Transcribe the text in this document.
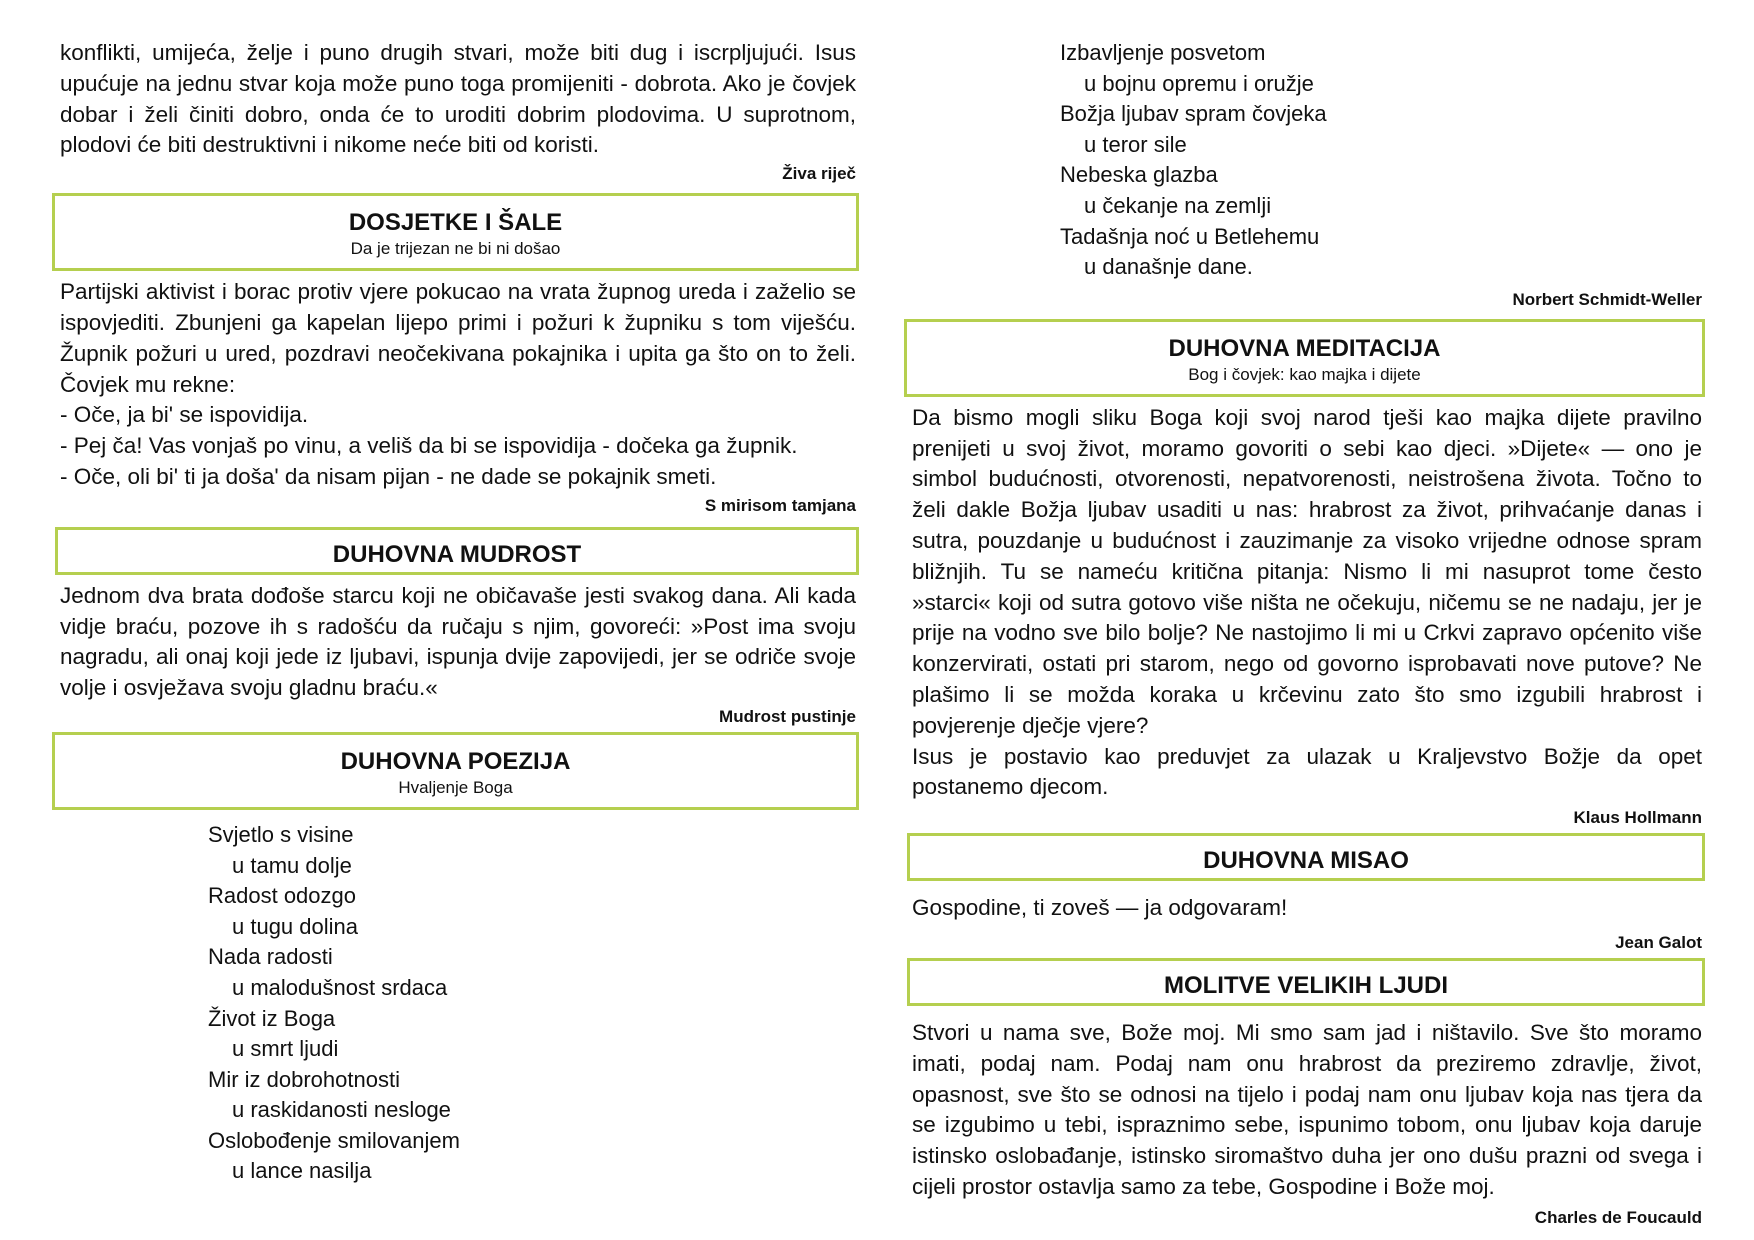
konflikti, umijeća, želje i puno drugih stvari, može biti dug i iscrpljujući. Isus upućuje na jednu stvar koja može puno toga promijeniti - dobrota. Ako je čovjek dobar i želi činiti dobro, onda će to uroditi dobrim plodovima. U suprotnom, plodovi će biti destruktivni i nikome neće biti od koristi.

Živa riječ

DOSJETKE I ŠALE

Da je trijezan ne bi ni došao

Partijski aktivist i borac protiv vjere pokucao na vrata župnog ureda i zaželio se ispovjediti. Zbunjeni ga kapelan lijepo primi i požuri k župniku s tom viješću. Župnik požuri u ured, pozdravi neočekivana pokajnika i upita ga što on to želi. Čovjek mu rekne:

- Oče, ja bi' se ispovidija.

- Pej ča! Vas vonjaš po vinu, a veliš da bi se ispovidija - dočeka ga župnik.

- Oče, oli bi' ti ja doša' da nisam pijan - ne dade se pokajnik smeti.

S mirisom tamjana

DUHOVNA MUDROST

Jednom dva brata dođoše starcu koji ne običavaše jesti svakog dana. Ali kada vidje braću, pozove ih s radošću da ručaju s njim, govoreći: »Post ima svoju nagradu, ali onaj koji jede iz ljubavi, ispunja dvije zapovijedi, jer se odriče svoje volje i osvježava svoju gladnu braću.«

Mudrost pustinje

DUHOVNA POEZIJA

Hvaljenje Boga

Svjetlo s visine
u tamu dolje
Radost odozgo
u tugu dolina
Nada radosti
u malodušnost srdaca
Život iz Boga
u smrt ljudi
Mir iz dobrohotnosti
u raskidanosti nesloge
Oslobođenje smilovanjem
u lance nasilja
Izbavljenje posvetom
u bojnu opremu i oružje
Božja ljubav spram čovjeka
u teror sile
Nebeska glazba
u čekanje na zemlji
Tadašnja noć u Betlehemu
u današnje dane.

Norbert Schmidt-Weller

DUHOVNA MEDITACIJA

Bog i čovjek: kao majka i dijete

Da bismo mogli sliku Boga koji svoj narod tješi kao majka dijete pravilno prenijeti u svoj život, moramo govoriti o sebi kao djeci. »Dijete« — ono je simbol budućnosti, otvorenosti, nepatvorenosti, neistrošena života. Točno to želi dakle Božja ljubav usaditi u nas: hrabrost za život, prihvaćanje danas i sutra, pouzdanje u budućnost i zauzimanje za visoko vrijedne odnose spram bližnjih. Tu se nameću kritična pitanja: Nismo li mi nasuprot tome često »starci« koji od sutra gotovo više ništa ne očekuju, ničemu se ne nadaju, jer je prije na vodno sve bilo bolje? Ne nastojimo li mi u Crkvi zapravo općenito više konzervirati, ostati pri starom, nego od govorno isprobavati nove putove? Ne plašimo li se možda koraka u krčevinu zato što smo izgubili hrabrost i povjerenje dječje vjere?

Isus je postavio kao preduvjet za ulazak u Kraljevstvo Božje da opet postanemo djecom.

Klaus Hollmann

DUHOVNA MISAO

Gospodine, ti zoveš — ja odgovaram!

Jean Galot

MOLITVE VELIKIH LJUDI

Stvori u nama sve, Bože moj. Mi smo sam jad i ništavilo. Sve što moramo imati, podaj nam. Podaj nam onu hrabrost da preziremo zdravlje, život, opasnost, sve što se odnosi na tijelo i podaj nam onu ljubav koja nas tjera da se izgubimo u tebi, ispraznimo sebe, ispunimo tobom, onu ljubav koja daruje istinsko oslobađanje, istinsko siromaštvo duha jer ono dušu prazni od svega i cijeli prostor ostavlja samo za tebe, Gospodine i Bože moj.

Charles de Foucauld
